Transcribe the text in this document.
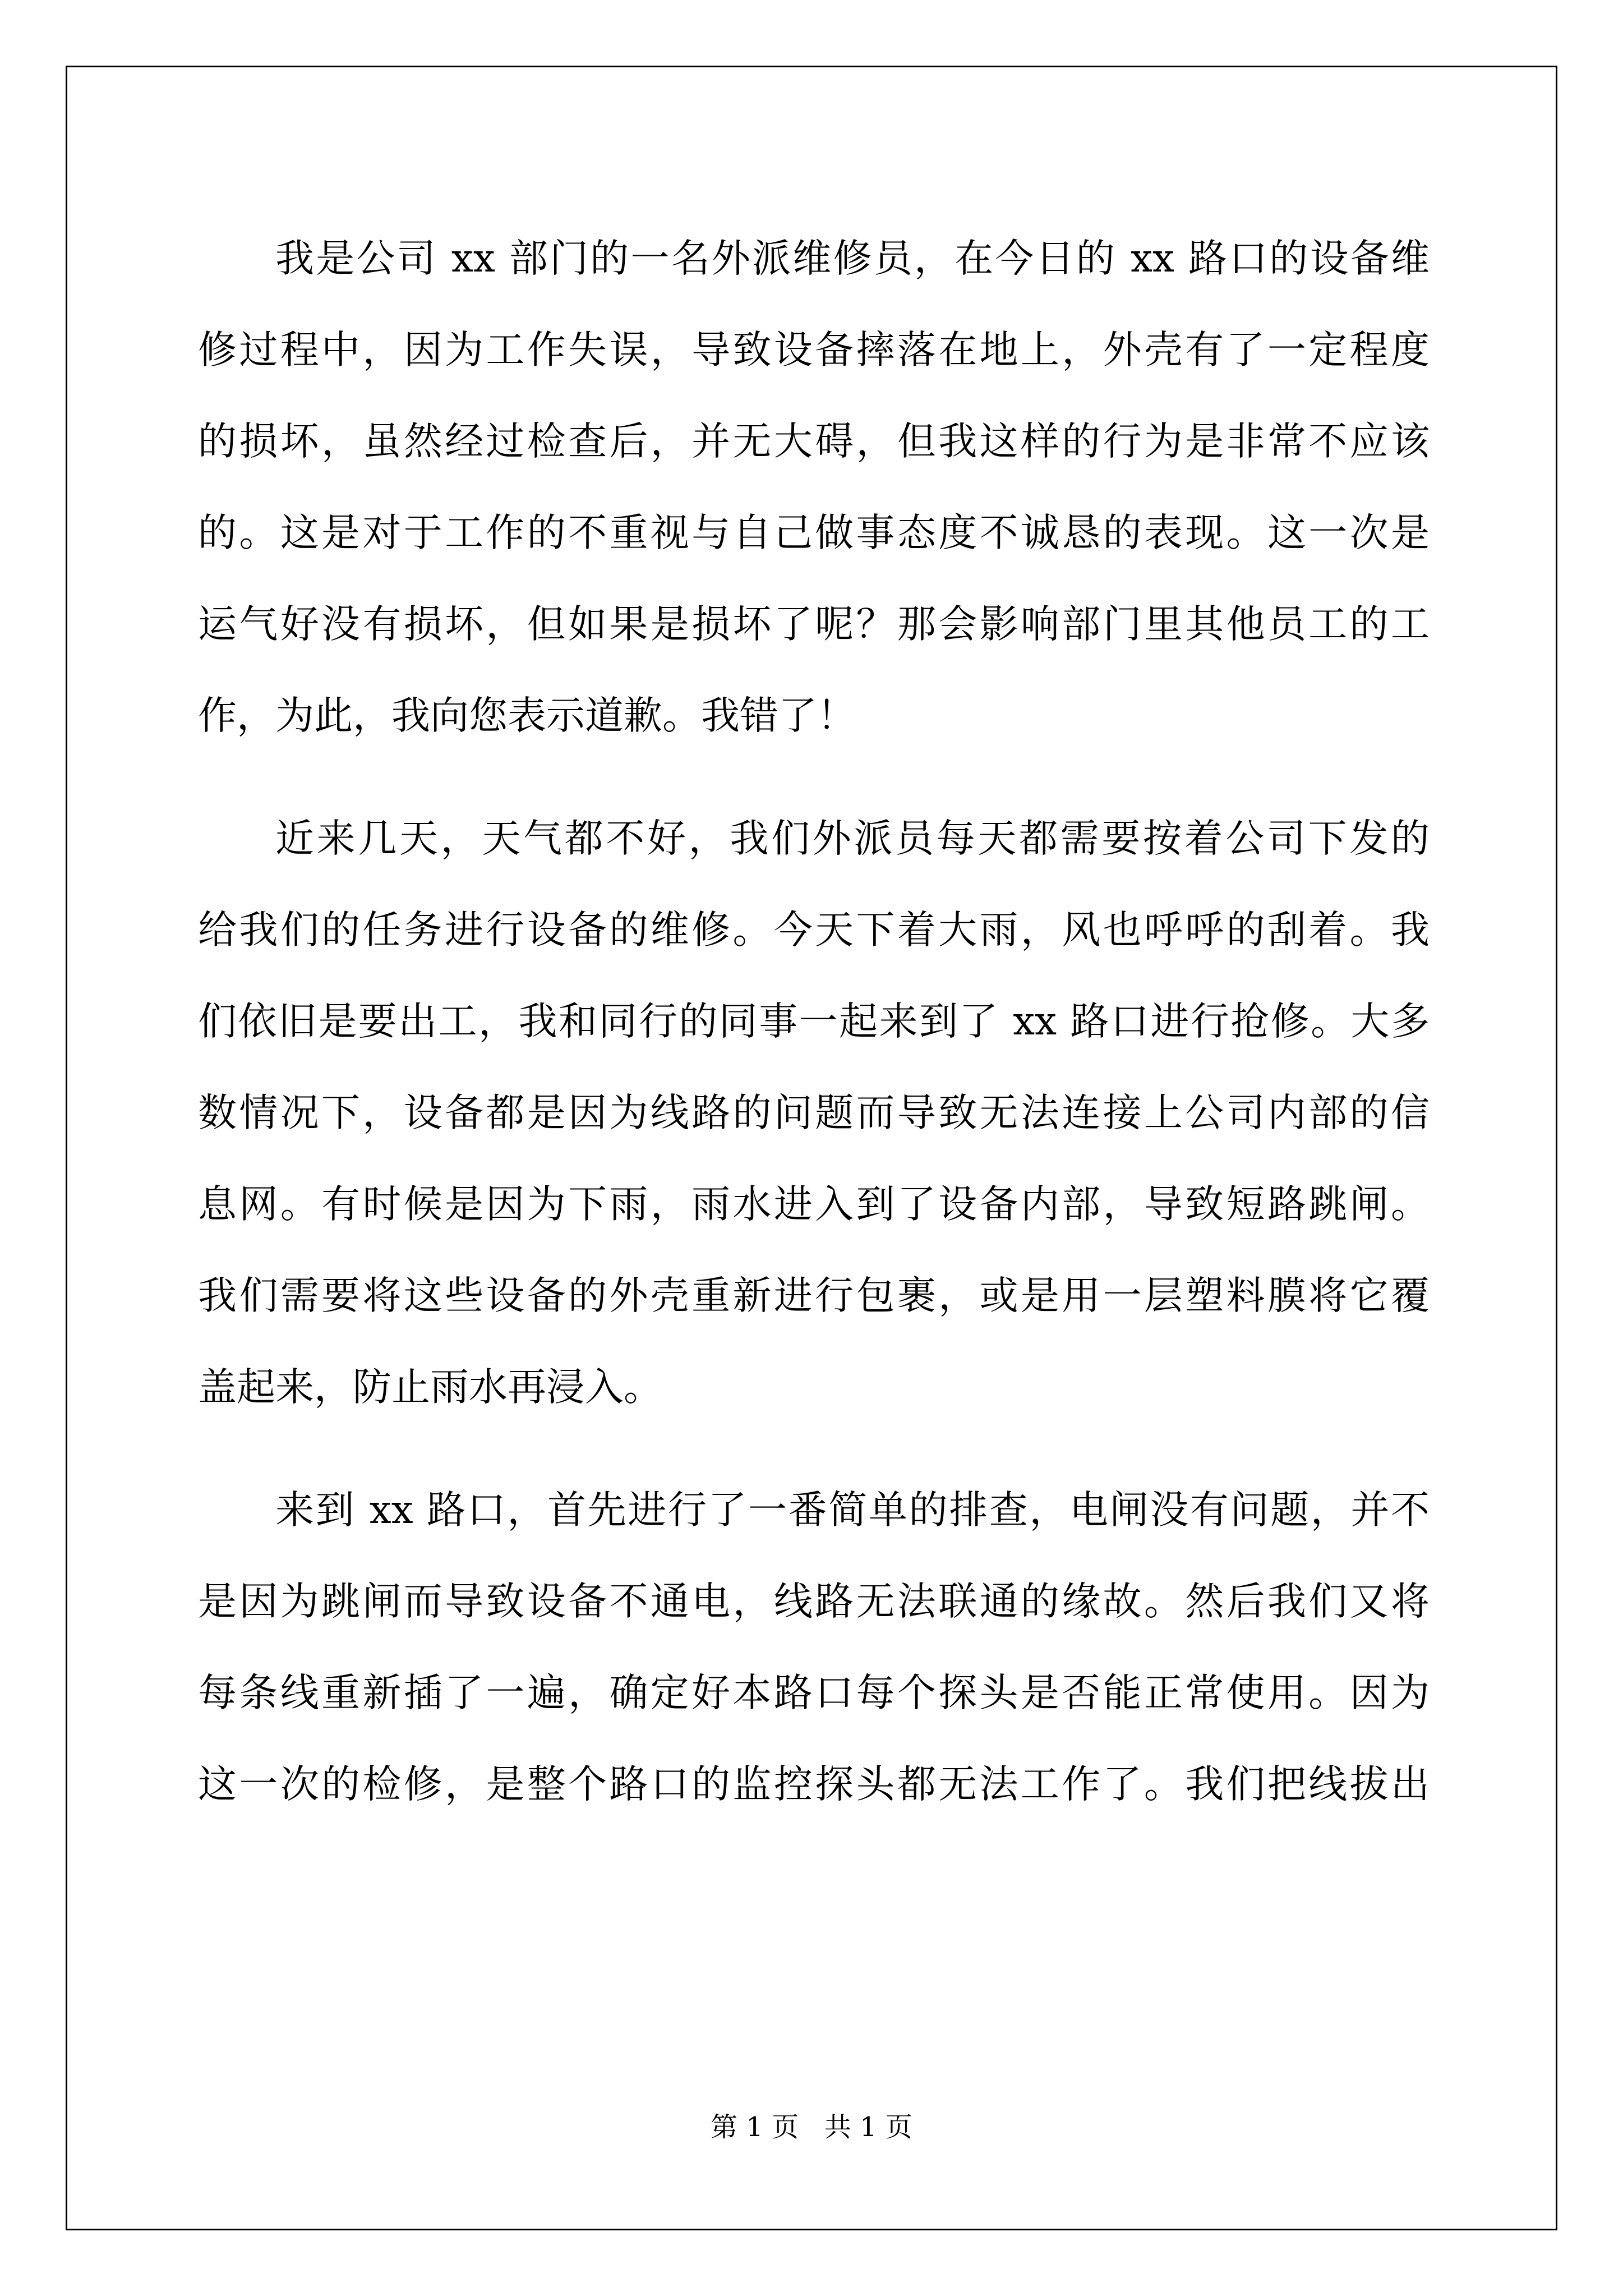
我是公司 xx 部门的一名外派维修员，在今日的 xx 路口的设备维
修过程中，因为工作失误，导致设备摔落在地上，外壳有了一定程度
的损坏，虽然经过检查后，并无大碍，但我这样的行为是非常不应该
的。这是对于工作的不重视与自己做事态度不诚恳的表现。这一次是
运气好没有损坏，但如果是损坏了呢？那会影响部门里其他员工的工
作，为此，我向您表示道歉。我错了！
近来几天，天气都不好，我们外派员每天都需要按着公司下发的
给我们的任务进行设备的维修。今天下着大雨，风也呼呼的刮着。我
们依旧是要出工，我和同行的同事一起来到了 xx 路口进行抢修。大多
数情况下，设备都是因为线路的问题而导致无法连接上公司内部的信
息网。有时候是因为下雨，雨水进入到了设备内部，导致短路跳闸。
我们需要将这些设备的外壳重新进行包裹，或是用一层塑料膜将它覆
盖起来，防止雨水再浸入。
来到 xx 路口，首先进行了一番简单的排查，电闸没有问题，并不
是因为跳闸而导致设备不通电，线路无法联通的缘故。然后我们又将
每条线重新插了一遍，确定好本路口每个探头是否能正常使用。因为
这一次的检修，是整个路口的监控探头都无法工作了。我们把线拔出
第 1 页   共 1 页
